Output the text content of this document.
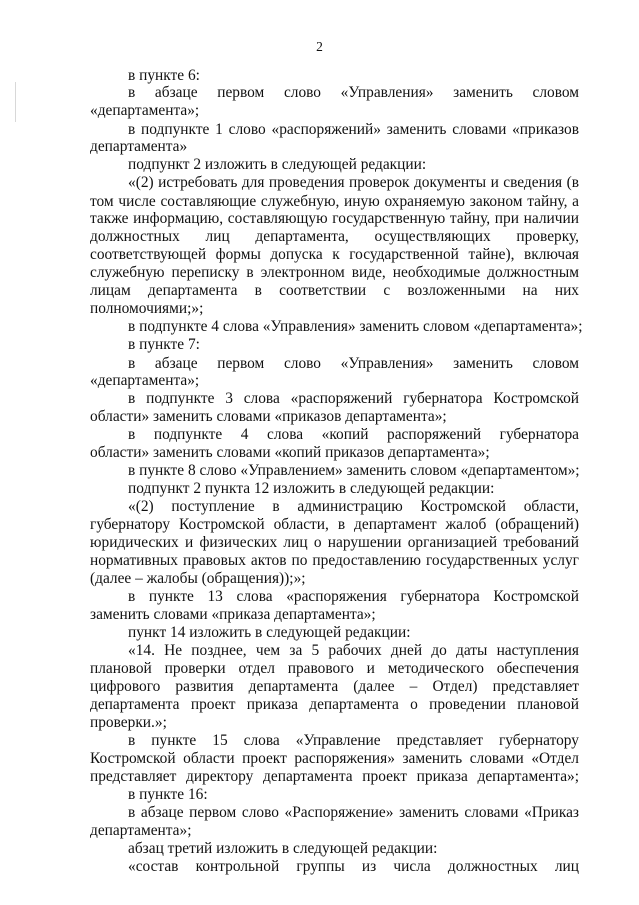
2
в пункте 6:
в абзаце первом слово «Управления» заменить словом
«департамента»;
в подпункте 1 слово «распоряжений» заменить словами «приказов
департамента»
подпункт 2 изложить в следующей редакции:
«(2) истребовать для проведения проверок документы и сведения (в
том числе составляющие служебную, иную охраняемую законом тайну, а
также информацию, составляющую государственную тайну, при наличии
должностных лиц департамента, осуществляющих проверку,
соответствующей формы допуска к государственной тайне), включая
служебную переписку в электронном виде, необходимые должностным
лицам департамента в соответствии с возложенными на них
полномочиями;»;
в подпункте 4 слова «Управления» заменить словом «департамента»;
в пункте 7:
в абзаце первом слово «Управления» заменить словом
«департамента»;
в подпункте 3 слова «распоряжений губернатора Костромской
области» заменить словами «приказов департамента»;
в подпункте 4 слова «копий распоряжений губернатора
области» заменить словами «копий приказов департамента»;
в пункте 8 слово «Управлением» заменить словом «департаментом»;
подпункт 2 пункта 12 изложить в следующей редакции:
«(2) поступление в администрацию Костромской области,
губернатору Костромской области, в департамент жалоб (обращений)
юридических и физических лиц о нарушении организацией требований
нормативных правовых актов по предоставлению государственных услуг
(далее – жалобы (обращения));»;
в пункте 13 слова «распоряжения губернатора Костромской
заменить словами «приказа департамента»;
пункт 14 изложить в следующей редакции:
«14. Не позднее, чем за 5 рабочих дней до даты наступления
плановой проверки отдел правового и методического обеспечения
цифрового развития департамента (далее – Отдел) представляет
департамента проект приказа департамента о проведении плановой
проверки.»;
в пункте 15 слова «Управление представляет губернатору
Костромской области проект распоряжения» заменить словами «Отдел
представляет директору департамента проект приказа департамента»;
в пункте 16:
в абзаце первом слово «Распоряжение» заменить словами «Приказ
департамента»;
абзац третий изложить в следующей редакции:
«состав контрольной группы из числа должностных лиц
